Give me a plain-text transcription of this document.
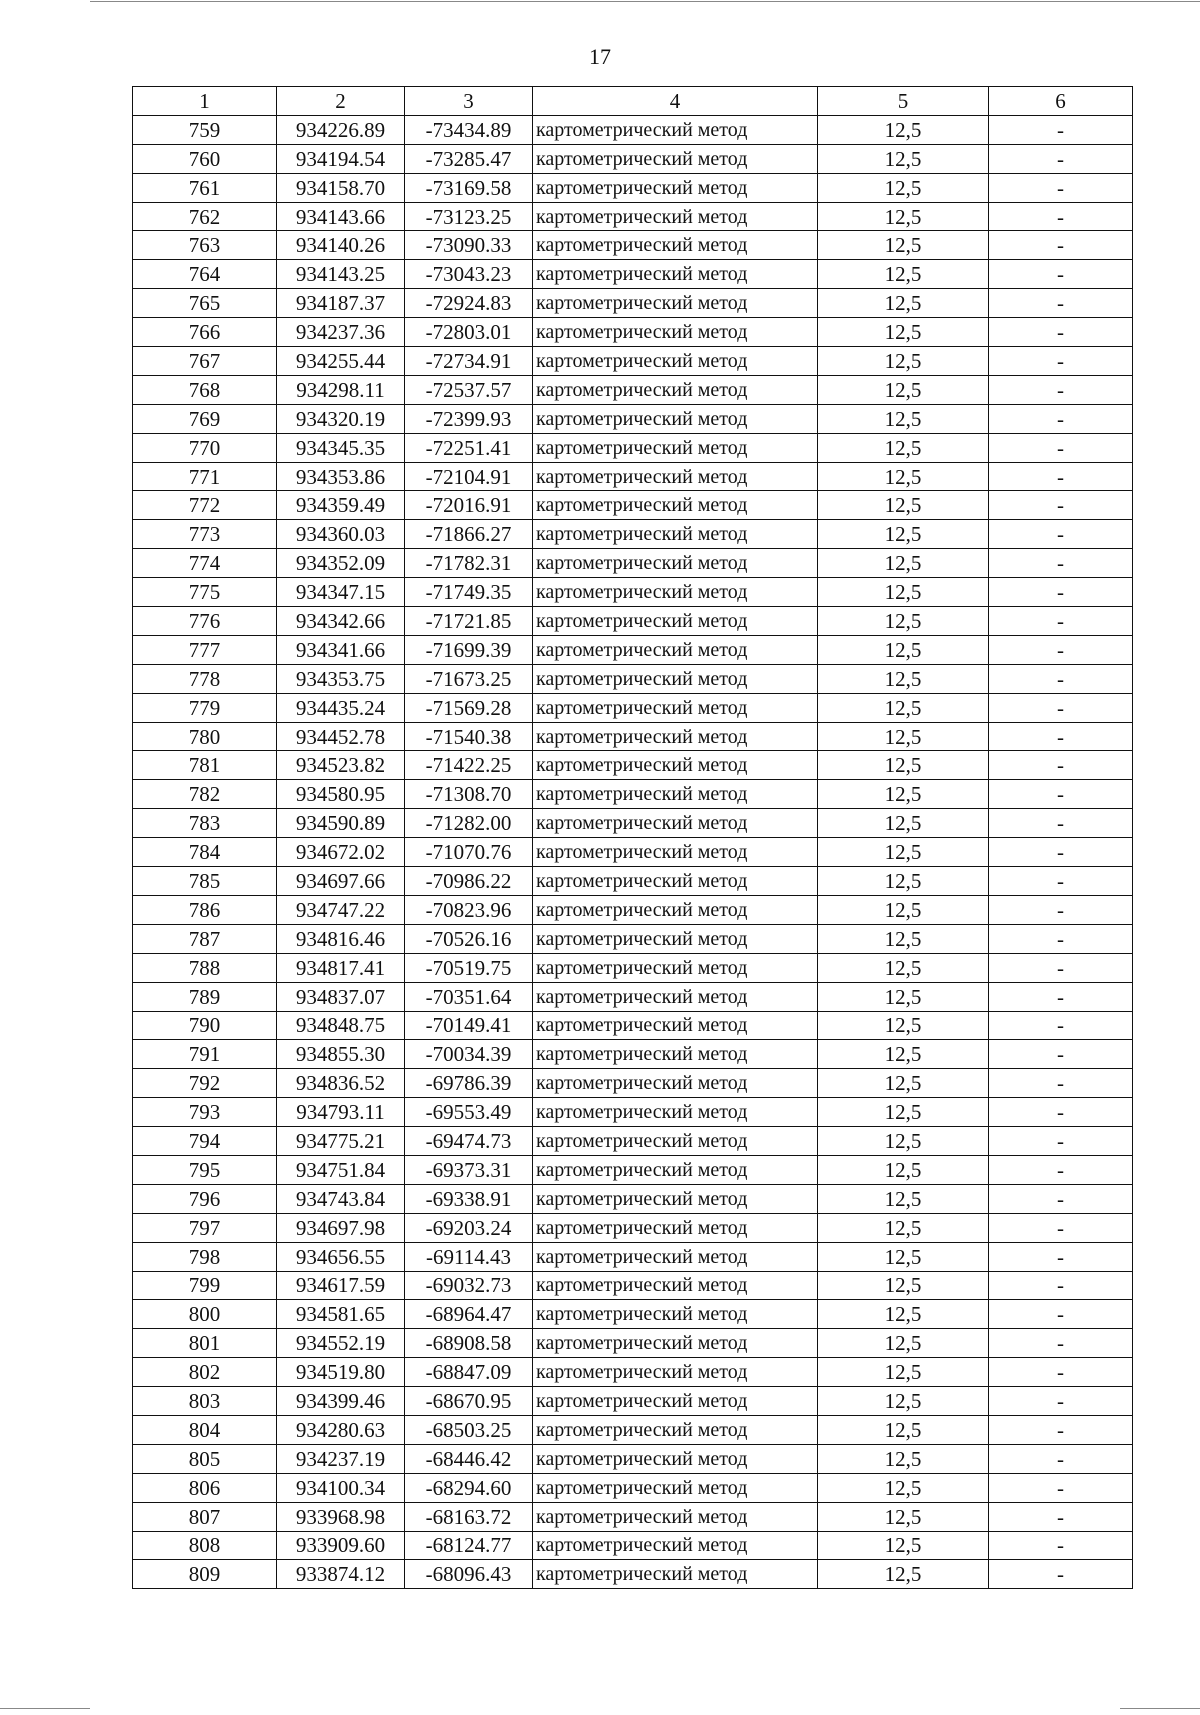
17
1	2	3	4	5	6
759	934226.89	-73434.89	картометрический метод	12,5	-
760	934194.54	-73285.47	картометрический метод	12,5	-
761	934158.70	-73169.58	картометрический метод	12,5	-
762	934143.66	-73123.25	картометрический метод	12,5	-
763	934140.26	-73090.33	картометрический метод	12,5	-
764	934143.25	-73043.23	картометрический метод	12,5	-
765	934187.37	-72924.83	картометрический метод	12,5	-
766	934237.36	-72803.01	картометрический метод	12,5	-
767	934255.44	-72734.91	картометрический метод	12,5	-
768	934298.11	-72537.57	картометрический метод	12,5	-
769	934320.19	-72399.93	картометрический метод	12,5	-
770	934345.35	-72251.41	картометрический метод	12,5	-
771	934353.86	-72104.91	картометрический метод	12,5	-
772	934359.49	-72016.91	картометрический метод	12,5	-
773	934360.03	-71866.27	картометрический метод	12,5	-
774	934352.09	-71782.31	картометрический метод	12,5	-
775	934347.15	-71749.35	картометрический метод	12,5	-
776	934342.66	-71721.85	картометрический метод	12,5	-
777	934341.66	-71699.39	картометрический метод	12,5	-
778	934353.75	-71673.25	картометрический метод	12,5	-
779	934435.24	-71569.28	картометрический метод	12,5	-
780	934452.78	-71540.38	картометрический метод	12,5	-
781	934523.82	-71422.25	картометрический метод	12,5	-
782	934580.95	-71308.70	картометрический метод	12,5	-
783	934590.89	-71282.00	картометрический метод	12,5	-
784	934672.02	-71070.76	картометрический метод	12,5	-
785	934697.66	-70986.22	картометрический метод	12,5	-
786	934747.22	-70823.96	картометрический метод	12,5	-
787	934816.46	-70526.16	картометрический метод	12,5	-
788	934817.41	-70519.75	картометрический метод	12,5	-
789	934837.07	-70351.64	картометрический метод	12,5	-
790	934848.75	-70149.41	картометрический метод	12,5	-
791	934855.30	-70034.39	картометрический метод	12,5	-
792	934836.52	-69786.39	картометрический метод	12,5	-
793	934793.11	-69553.49	картометрический метод	12,5	-
794	934775.21	-69474.73	картометрический метод	12,5	-
795	934751.84	-69373.31	картометрический метод	12,5	-
796	934743.84	-69338.91	картометрический метод	12,5	-
797	934697.98	-69203.24	картометрический метод	12,5	-
798	934656.55	-69114.43	картометрический метод	12,5	-
799	934617.59	-69032.73	картометрический метод	12,5	-
800	934581.65	-68964.47	картометрический метод	12,5	-
801	934552.19	-68908.58	картометрический метод	12,5	-
802	934519.80	-68847.09	картометрический метод	12,5	-
803	934399.46	-68670.95	картометрический метод	12,5	-
804	934280.63	-68503.25	картометрический метод	12,5	-
805	934237.19	-68446.42	картометрический метод	12,5	-
806	934100.34	-68294.60	картометрический метод	12,5	-
807	933968.98	-68163.72	картометрический метод	12,5	-
808	933909.60	-68124.77	картометрический метод	12,5	-
809	933874.12	-68096.43	картометрический метод	12,5	-
